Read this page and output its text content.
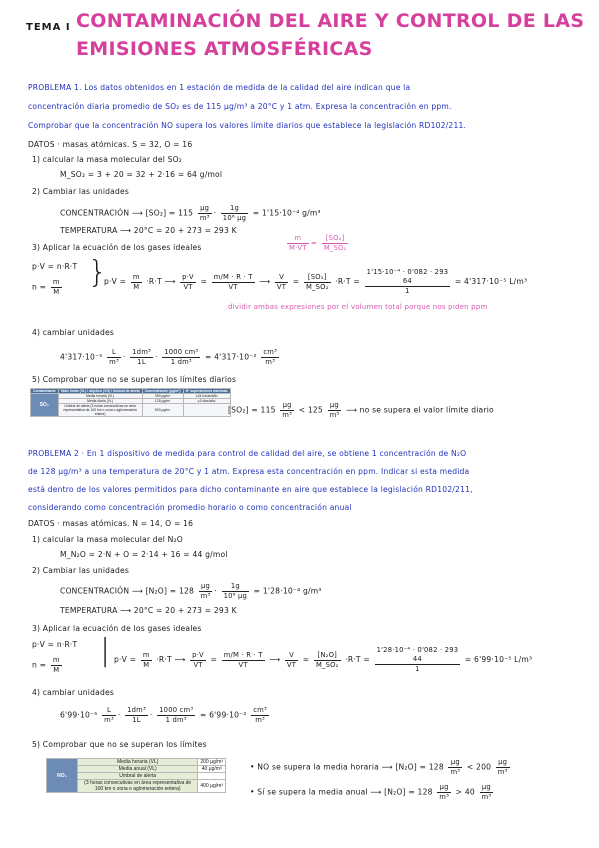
TEMA I CONTAMINACIÓN DEL AIRE Y CONTROL DE LAS
EMISIONES ATMOSFÉRICAS
PROBLEMA 1. Los datos obtenidos en 1 estación de medida de la calidad del aire indican que la
concentración diaria promedio de SO₂ es de 115 µg/m³ a 20°C y 1 atm. Expresa la concentración en ppm.
Comprobar que la concentración NO supera los valores límite diarios que establece la legislación RD102/211.
DATOS · masas atómicas. S = 32, O = 16
1) calcular la masa molecular del SO₂
M_SO₂ = 3 + 20 = 32 + 2·16 = 64 g/mol
2) Cambiar las unidades
CONCENTRACIÓN ⟶ $[SO_2] = 115 \frac{\text{µg}}{\text{m³}} \cdot \frac{1g}{\text{10⁶ µg}} = 1'15\cdot 10^{-4}$ g/m³
TEMPERATURA ⟶ 20°C = 20 + 273 = 293 K
3) Aplicar la ecuación de los gases ideales	$\frac{m}{M\cdot VT} = \frac{\text{[SO₂]}}{\text{M\_SO₂}}$
p·V = n·R·T
$n = \frac{m}{M}$ }
$p\cdot V = \frac{m}{M} \cdot R\cdot T$ ⟶ $\frac{p\cdot V}{VT} = \frac{m/M \cdot R \cdot T}{VT}$ ⟶ $\frac{V}{VT} = \frac{\text{[SO₂]}}{\text{M\_SO₂}} \cdot R\cdot T$ =
1'15·10⁻⁴ · 0'082 · 293
64
1
= 4'317·10⁻⁵ L/m³
dividir ambas expresiones por el volumen total porque nos piden ppm
4) cambiar unidades
$4'317\cdot 10^{-5} \frac{L}{\text{m³}} \cdot \frac{\text{1dm³}}{1L} \cdot \frac{\text{1000 cm³}}{\text{1 dm³}} = 4'317\cdot 10^{-2} \frac{\text{cm³}}{\text{m³}}$
5) Comprobar que no se superan los límites diarios
Contaminante	Valor límite (VL) / objetivo (VO) / Umbral de alerta	Concentración (µg/m³)	Nº superaciones máximas
SO₂	Media horaria (VL)	350 µg/m³	≤24 horas/año
	Media diaria (VL)	125 µg/m³	≤3 días/año
	Umbral de alerta (3 horas consecutivas en área representativa de 100 km o zona o aglomeración entera)	500 µg/m³		$[SO_2] = 115 \frac{\text{µg}}{\text{m³}} < 125 \frac{\text{µg}}{\text{m³}}$ ⟶ no se supera el valor límite diario
PROBLEMA 2 · En 1 dispositivo de medida para control de calidad del aire, se obtiene 1 concentración de N₂O
de 128 µg/m³ a una temperatura de 20°C y 1 atm. Expresa esta concentración en ppm. Indicar si esta medida
está dentro de los valores permitidos para dicho contaminante en aire que establece la legislación RD102/211,
considerando como concentración promedio horario o como concentración anual
DATOS · masas atómicas. N = 14, O = 16
1) calcular la masa molecular del N₂O
M_N₂O = 2·N + O = 2·14 + 16 = 44 g/mol
2) Cambiar las unidades
CONCENTRACIÓN ⟶ $[N_2O] = 128 \frac{\text{µg}}{\text{m³}} \cdot \frac{1g}{\text{10⁶ µg}} = 1'28\cdot 10^{-4}$ g/m³
TEMPERATURA ⟶ 20°C = 20 + 273 = 293 K
3) Aplicar la ecuación de los gases ideales
p·V = n·R·T
$n = \frac{m}{M}$ | $p\cdot V = \frac{m}{M} \cdot R\cdot T$ ⟶ $\frac{p\cdot V}{VT} = \frac{m/M \cdot R \cdot T}{VT}$ ⟶ $\frac{V}{VT} = \frac{\text{[N₂O]}}{\text{M\_SO₂}} \cdot R\cdot T$ =
1'28·10⁻⁴ · 0'082 · 293
44
1
= 6'99·10⁻⁵ L/m³
4) cambiar unidades
$6'99\cdot 10^{-5} \frac{L}{\text{m³}} \cdot \frac{\text{1dm³}}{1L} \cdot \frac{\text{1000 cm³}}{\text{1 dm³}} = 6'99\cdot 10^{-2} \frac{\text{cm³}}{\text{m³}}$
5) Comprobar que no se superan los límites
NO₂	Media horaria (VL)	200 µg/m³
	Media anual (VL)	40 µg/m³
	Umbral de alerta	
	(3 horas consecutivas en área representativa de 100 km o zona o aglomeración entera)	400 µg/m³
• NO se supera la media horaria ⟶ $[N_2O] = 128 \frac{\text{µg}}{\text{m³}} < 200 \frac{\text{µg}}{\text{m³}}$
• Sí se supera la media anual ⟶ $[N_2O] = 128 \frac{\text{µg}}{\text{m³}} > 40 \frac{\text{µg}}{\text{m³}}$
